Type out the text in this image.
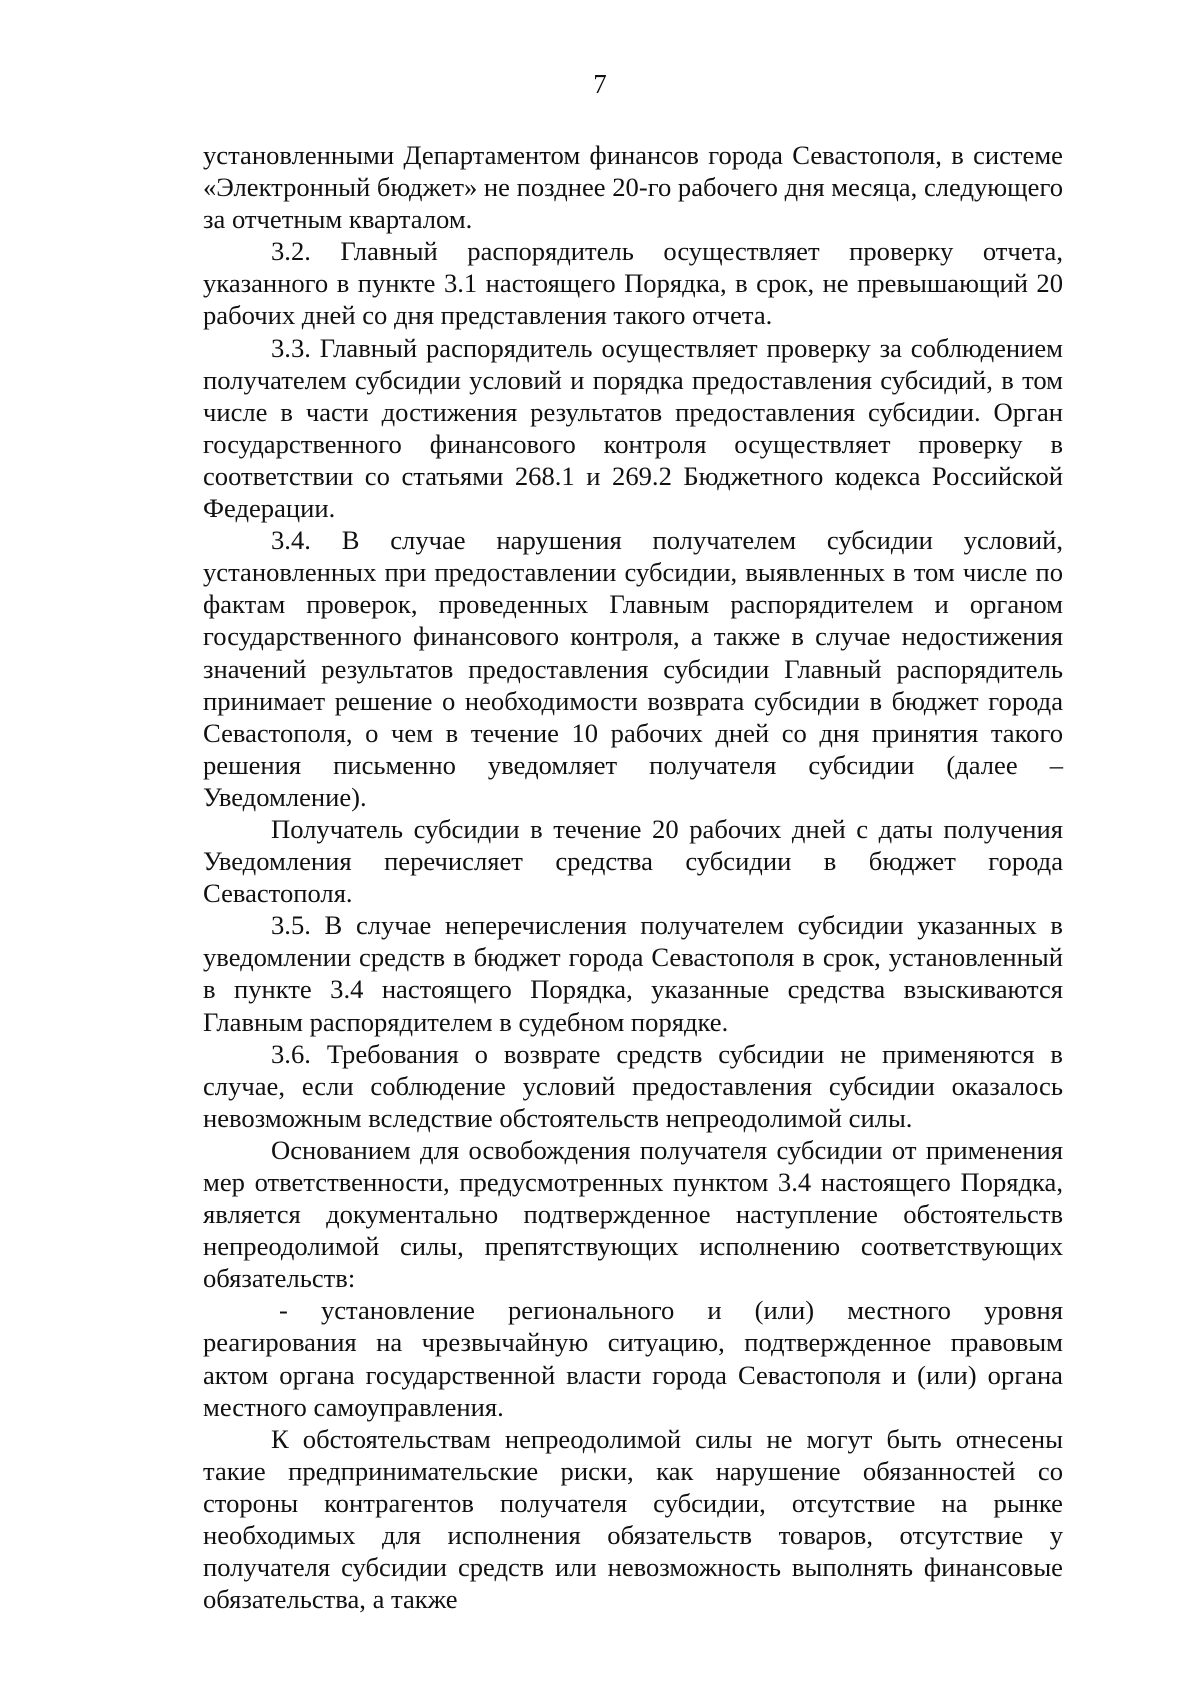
7

установленными Департаментом финансов города Севастополя, в системе «Электронный бюджет» не позднее 20-го рабочего дня месяца, следующего за отчетным кварталом.

3.2. Главный распорядитель осуществляет проверку отчета, указанного в пункте 3.1 настоящего Порядка, в срок, не превышающий 20 рабочих дней со дня представления такого отчета.

3.3. Главный распорядитель осуществляет проверку за соблюдением получателем субсидии условий и порядка предоставления субсидий, в том числе в части достижения результатов предоставления субсидии. Орган государственного финансового контроля осуществляет проверку в соответствии со статьями 268.1 и 269.2 Бюджетного кодекса Российской Федерации.

3.4. В случае нарушения получателем субсидии условий, установленных при предоставлении субсидии, выявленных в том числе по фактам проверок, проведенных Главным распорядителем и органом государственного финансового контроля, а также в случае недостижения значений результатов предоставления субсидии Главный распорядитель принимает решение о необходимости возврата субсидии в бюджет города Севастополя, о чем в течение 10 рабочих дней со дня принятия такого решения письменно уведомляет получателя субсидии (далее – Уведомление).

Получатель субсидии в течение 20 рабочих дней с даты получения Уведомления перечисляет средства субсидии в бюджет города Севастополя.

3.5. В случае неперечисления получателем субсидии указанных в уведомлении средств в бюджет города Севастополя в срок, установленный в пункте 3.4 настоящего Порядка, указанные средства взыскиваются Главным распорядителем в судебном порядке.

3.6. Требования о возврате средств субсидии не применяются в случае, если соблюдение условий предоставления субсидии оказалось невозможным вследствие обстоятельств непреодолимой силы.

Основанием для освобождения получателя субсидии от применения мер ответственности, предусмотренных пунктом 3.4 настоящего Порядка, является документально подтвержденное наступление обстоятельств непреодолимой силы, препятствующих исполнению соответствующих обязательств:

- установление регионального и (или) местного уровня реагирования на чрезвычайную ситуацию, подтвержденное правовым актом органа государственной власти города Севастополя и (или) органа местного самоуправления.

К обстоятельствам непреодолимой силы не могут быть отнесены такие предпринимательские риски, как нарушение обязанностей со стороны контрагентов получателя субсидии, отсутствие на рынке необходимых для исполнения обязательств товаров, отсутствие у получателя субсидии средств или невозможность выполнять финансовые обязательства, а также
